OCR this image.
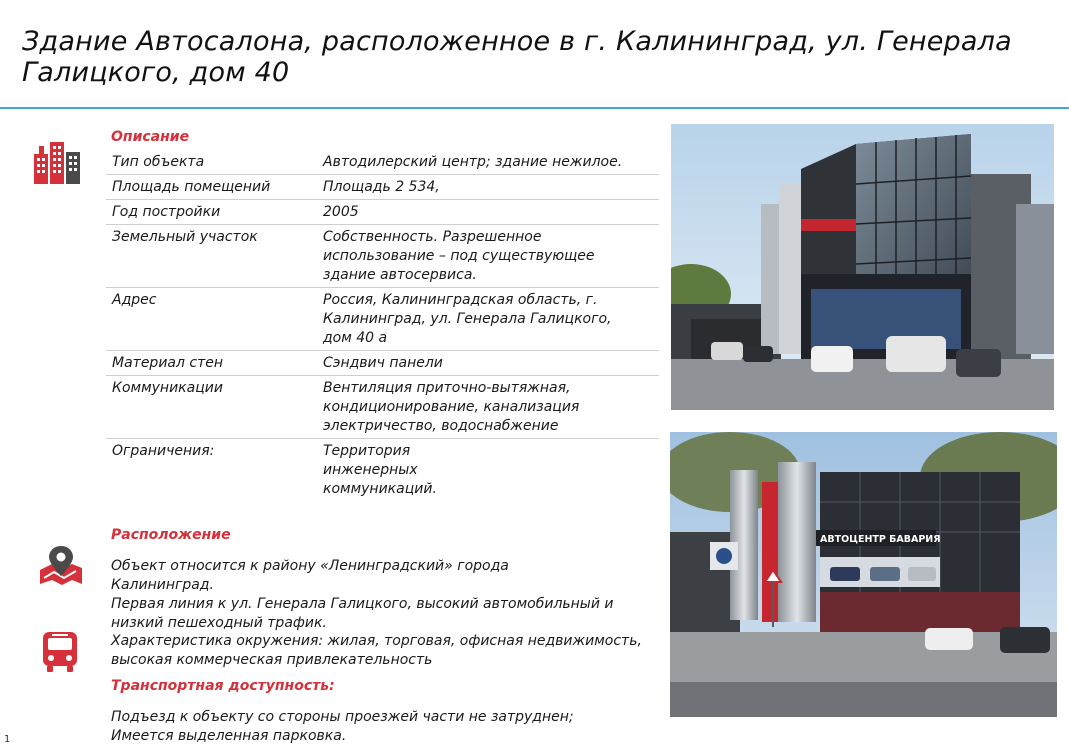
Здание Автосалона, расположенное в г. Калининград, ул. Генерала Галицкого, дом 40
Описание
Тип объекта	Автодилерский центр; здание нежилое.
Площадь помещений	Площадь 2 534,
Год постройки	2005
Земельный участок	Собственность. Разрешенное использование – под существующее здание автосервиса.
Адрес	Россия, Калининградская область, г. Калининград, ул. Генерала Галицкого, дом 40 а
Материал стен	Сэндвич панели
Коммуникации	Вентиляция приточно-вытяжная, кондиционирование, канализация электричество, водоснабжение
Ограничения:	Территория инженерных коммуникаций.
Расположение
Объект относится к району «Ленинградский» города Калининград.
Первая линия к ул. Генерала Галицкого, высокий автомобильный и низкий пешеходный трафик.
Характеристика окружения: жилая, торговая, офисная недвижимость, высокая коммерческая привлекательность
Транспортная доступность:
Подъезд к объекту со стороны проезжей части не затруднен;
Имеется выделенная парковка.
АВТОЦЕНТР БАВАРИЯ
1
